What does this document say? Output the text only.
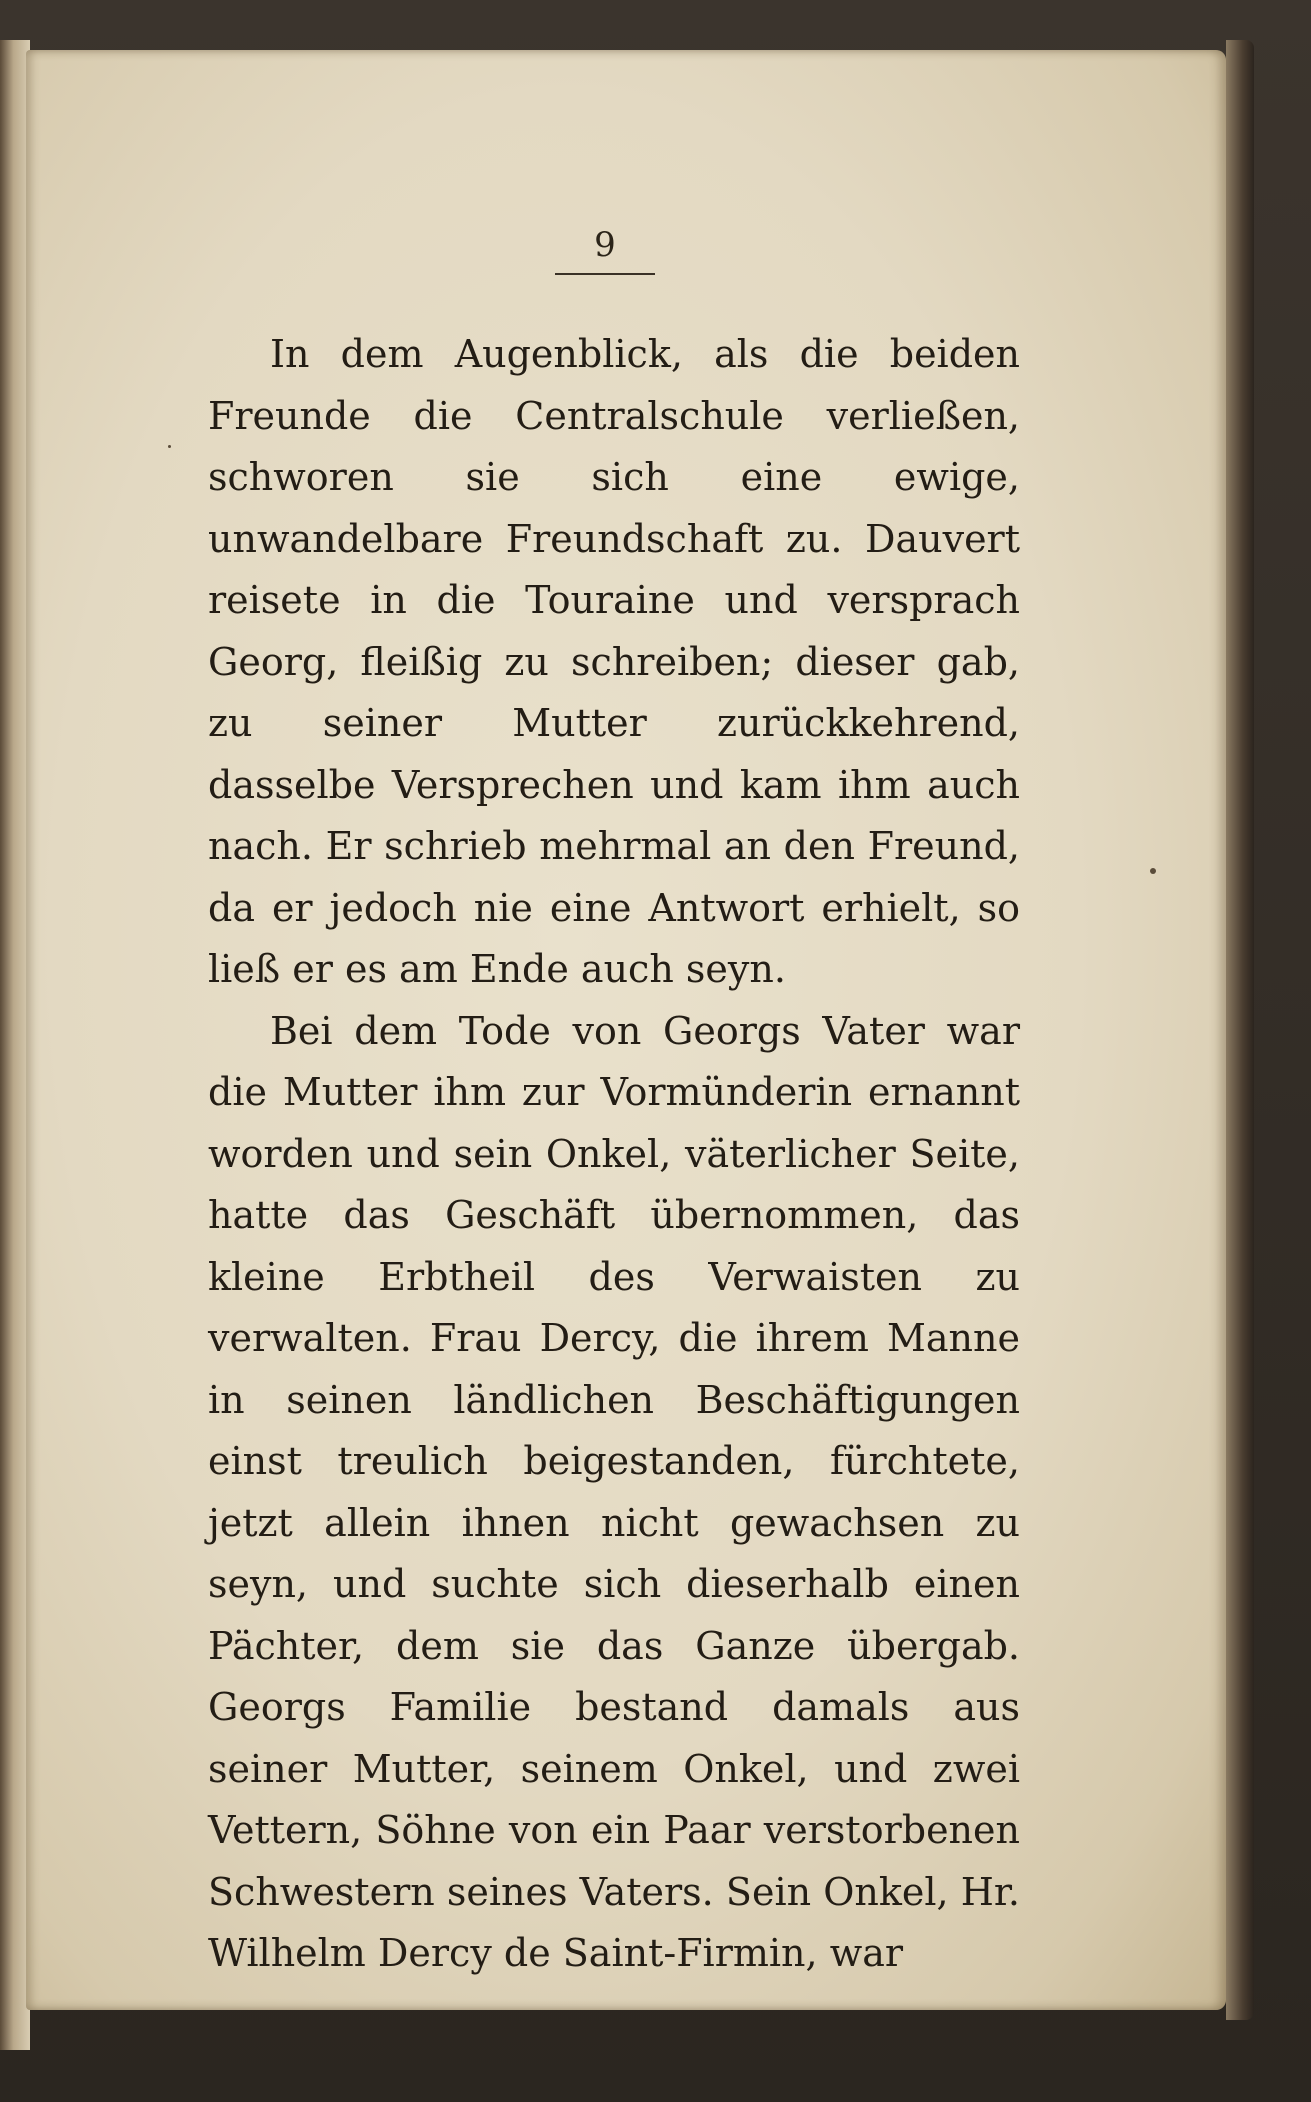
9

In dem Augenblick, als die beiden Freunde die Centralschule verließen, schworen sie sich eine ewige, unwandelbare Freundschaft zu. Dauvert reisete in die Touraine und versprach Georg, fleißig zu schreiben; dieser gab, zu seiner Mutter zurückkehrend, dasselbe Versprechen und kam ihm auch nach. Er schrieb mehrmal an den Freund, da er jedoch nie eine Antwort erhielt, so ließ er es am Ende auch seyn.

Bei dem Tode von Georgs Vater war die Mutter ihm zur Vormünderin ernannt worden und sein Onkel, väterlicher Seite, hatte das Geschäft übernommen, das kleine Erbtheil des Verwaisten zu verwalten. Frau Dercy, die ihrem Manne in seinen ländlichen Beschäftigungen einst treulich beigestanden, fürchtete, jetzt allein ihnen nicht gewachsen zu seyn, und suchte sich dieserhalb einen Pächter, dem sie das Ganze übergab. Georgs Familie bestand damals aus seiner Mutter, seinem Onkel, und zwei Vettern, Söhne von ein Paar verstorbenen Schwestern seines Vaters. Sein Onkel, Hr. Wilhelm Dercy de Saint-Firmin, war
